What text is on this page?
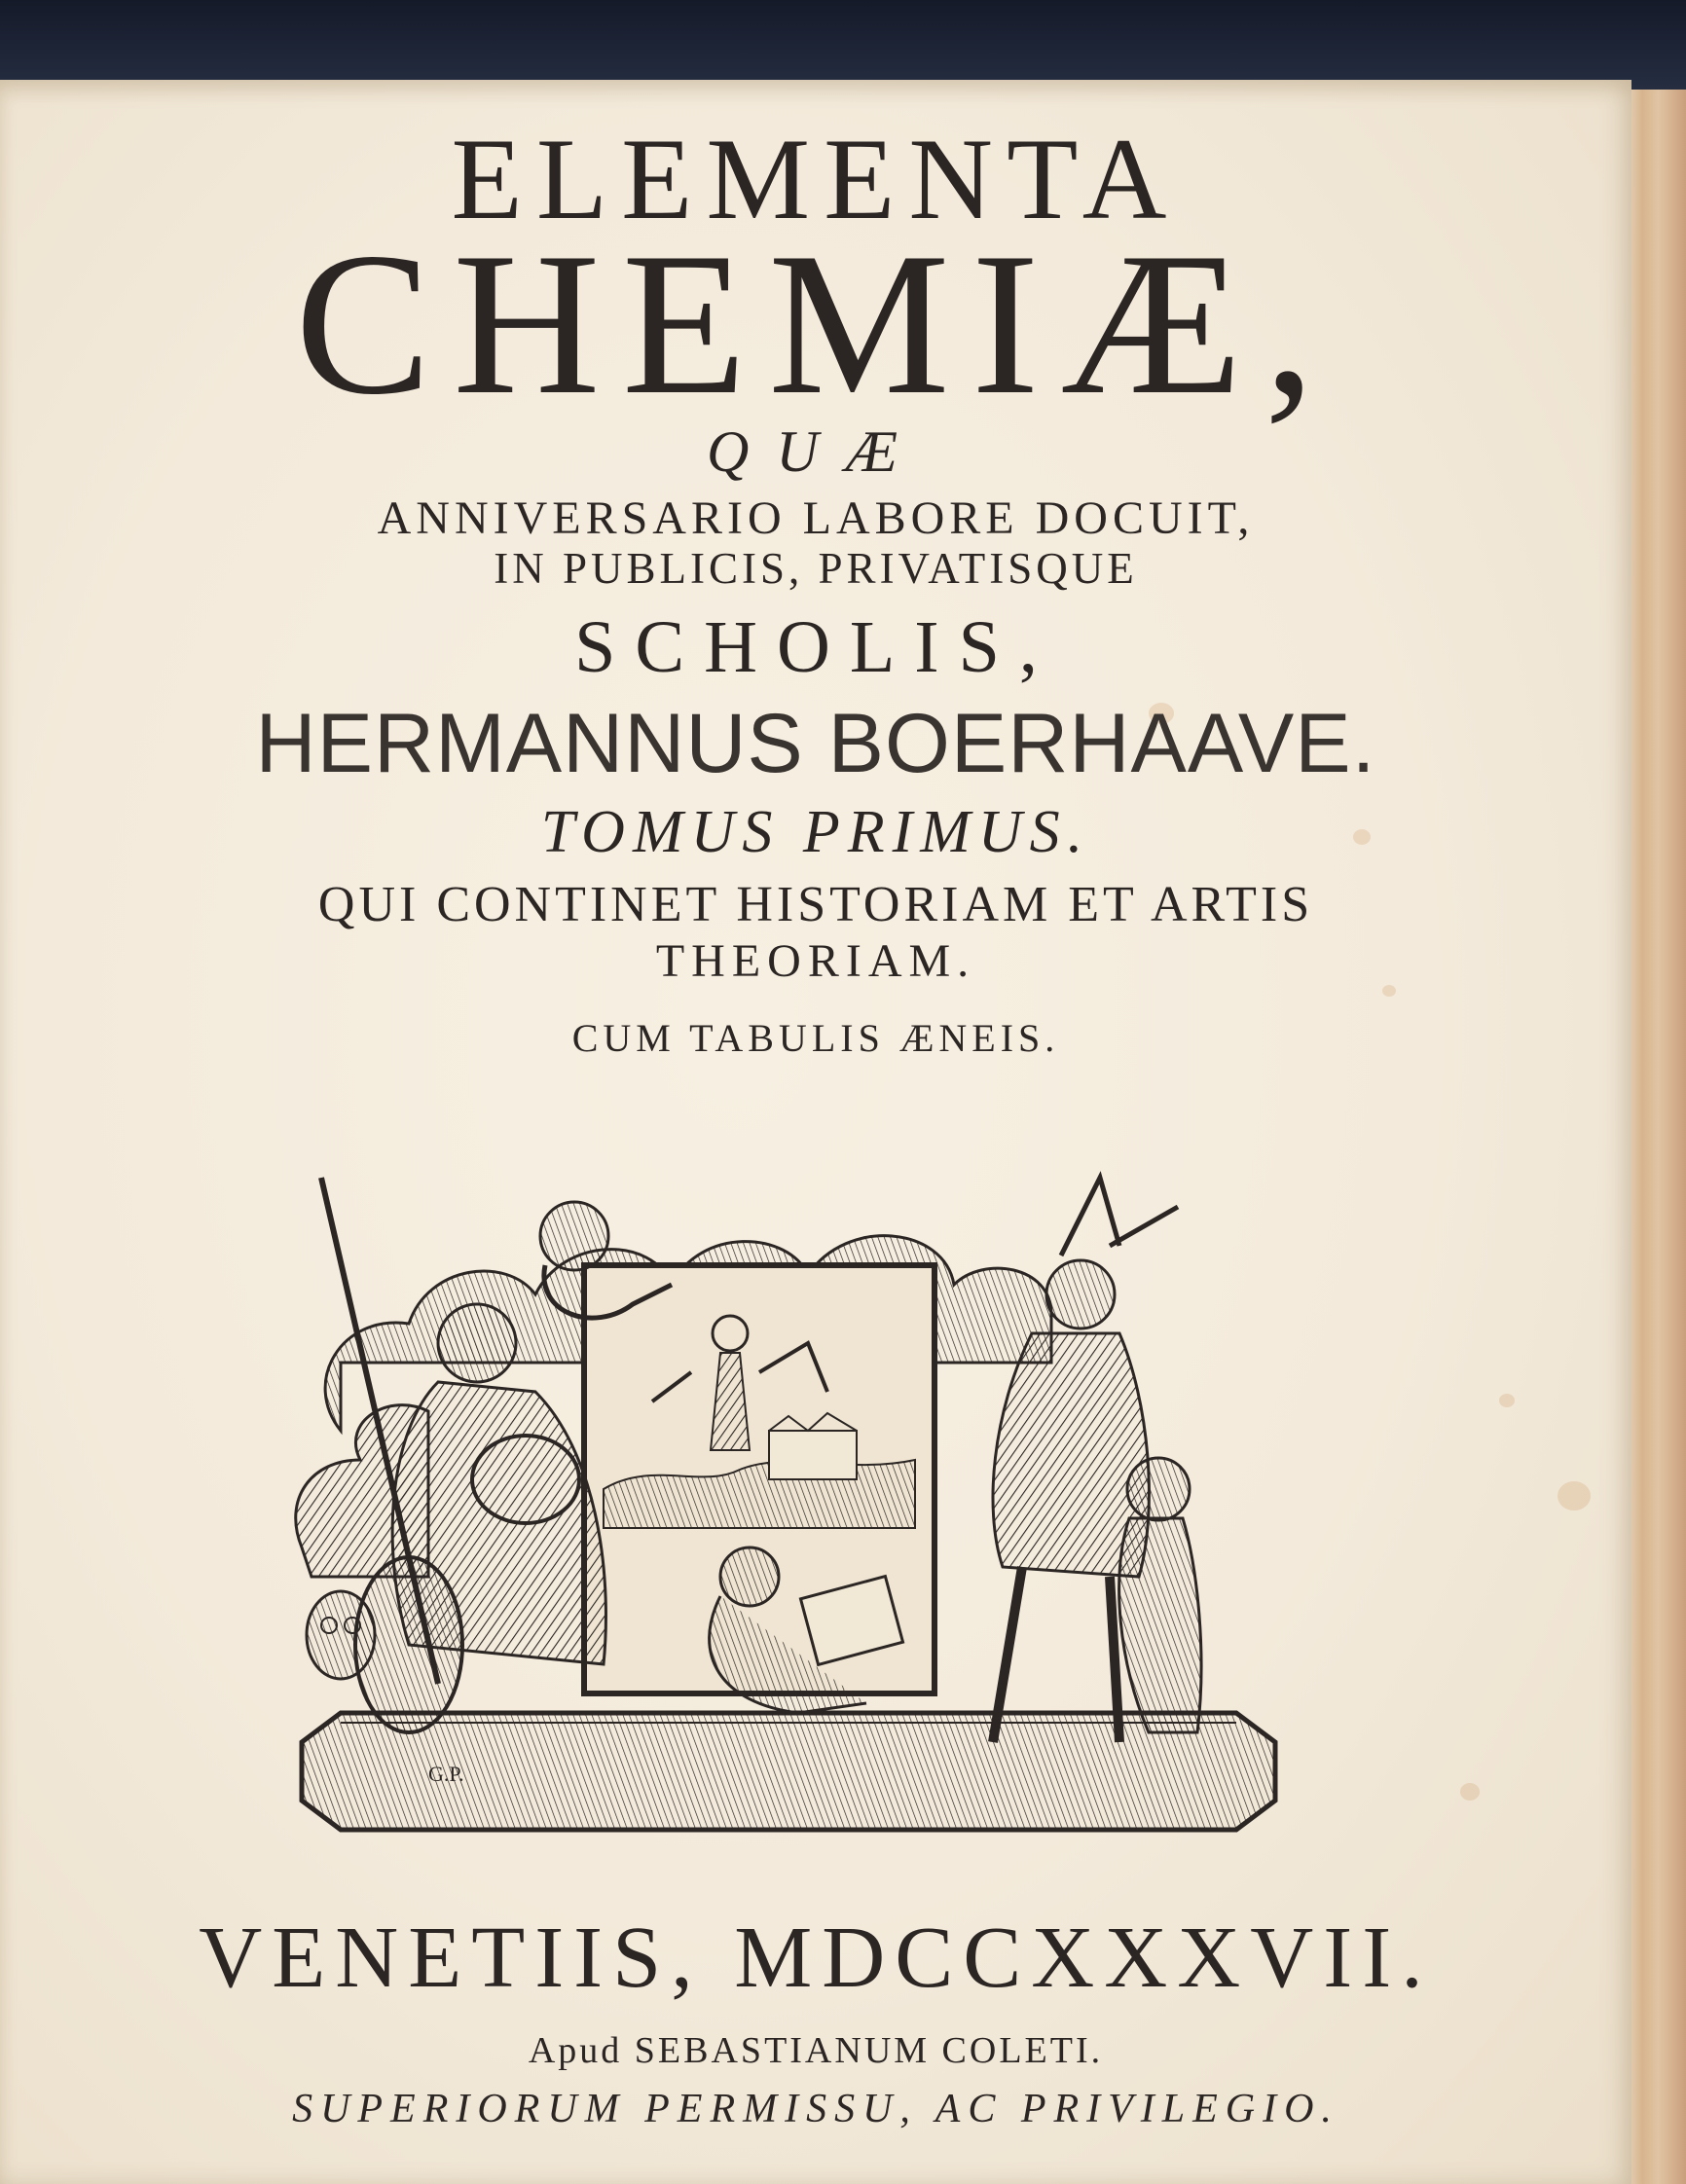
ELEMENTA
CHEMIÆ,
QUÆ
ANNIVERSARIO LABORE DOCUIT,
IN PUBLICIS, PRIVATISQUE
SCHOLIS,
HERMANNUS BOERHAAVE.
TOMUS PRIMUS.
QUI CONTINET HISTORIAM ET ARTIS
THEORIAM.
CUM TABULIS ÆNEIS.
G.P.
VENETIIS, MDCCXXXVII.
Apud SEBASTIANUM COLETI.
SUPERIORUM PERMISSU, AC PRIVILEGIO.
